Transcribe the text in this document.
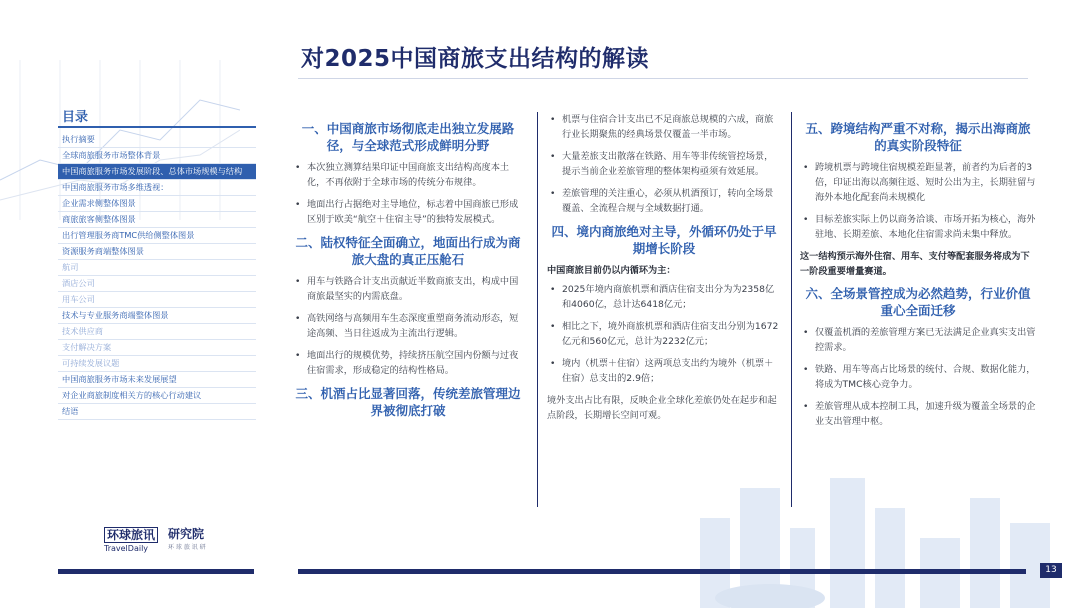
对2025中国商旅支出结构的解读
目录
执行摘要
全球商旅服务市场整体背景
中国商旅服务市场发展阶段、总体市场规模与结构
中国商旅服务市场多维透视：
企业需求侧整体图景
商旅旅客侧整体图景
出行管理服务商TMC供给侧整体图景
资源服务商端整体图景
航司
酒店公司
用车公司
技术与专业服务商端整体图景
技术供应商
支付解决方案
可持续发展议题
中国商旅服务市场未来发展展望
对企业商旅制度相关方的核心行动建议
结语
环球旅讯
TravelDaily
研究院
环 球 旅 讯 研
13
一、中国商旅市场彻底走出独立发展路径，与全球范式形成鲜明分野
• 本次独立测算结果印证中国商旅支出结构高度本土化，不再依附于全球市场的传统分布规律。
• 地面出行占据绝对主导地位，标志着中国商旅已形成区别于欧美“航空＋住宿主导”的独特发展模式。
二、陆权特征全面确立，地面出行成为商旅大盘的真正压舱石
• 用车与铁路合计支出贡献近半数商旅支出，构成中国商旅最坚实的内需底盘。
• 高铁网络与高频用车生态深度重塑商务流动形态，短途高频、当日往返成为主流出行逻辑。
• 地面出行的规模优势，持续挤压航空国内份额与过夜住宿需求，形成稳定的结构性格局。
三、机酒占比显著回落，传统差旅管理边界被彻底打破
• 机票与住宿合计支出已不足商旅总规模的六成，商旅行业长期聚焦的经典场景仅覆盖一半市场。
• 大量差旅支出散落在铁路、用车等非传统管控场景，提示当前企业差旅管理的整体架构亟须有效延展。
• 差旅管理的关注重心，必须从机酒预订，转向全场景覆盖、全流程合规与全域数据打通。
四、境内商旅绝对主导，外循环仍处于早期增长阶段

中国商旅目前仍以内循环为主：

• 2025年境内商旅机票和酒店住宿支出分为为2358亿和4060亿，总计达6418亿元；
• 相比之下，境外商旅机票和酒店住宿支出分别为1672亿元和560亿元，总计为2232亿元；
• 境内（机票＋住宿）这两项总支出约为境外（机票＋住宿）总支出的2.9倍；

境外支出占比有限，反映企业全球化差旅仍处在起步和起点阶段，长期增长空间可观。

五、跨境结构严重不对称，揭示出海商旅的真实阶段特征
• 跨境机票与跨境住宿规模差距显著，前者约为后者的3倍，印证出海以高频往返、短时公出为主，长期驻留与海外本地化配套尚未规模化
• 目标差旅实际上仍以商务洽谈、市场开拓为核心，海外驻地、长期差旅、本地化住宿需求尚未集中释放。

这一结构预示海外住宿、用车、支付等配套服务将成为下一阶段重要增量赛道。

六、全场景管控成为必然趋势，行业价值重心全面迁移
• 仅覆盖机酒的差旅管理方案已无法满足企业真实支出管控需求。
• 铁路、用车等高占比场景的统付、合规、数据化能力，将成为TMC核心竞争力。
• 差旅管理从成本控制工具，加速升级为覆盖全场景的企业支出管理中枢。
